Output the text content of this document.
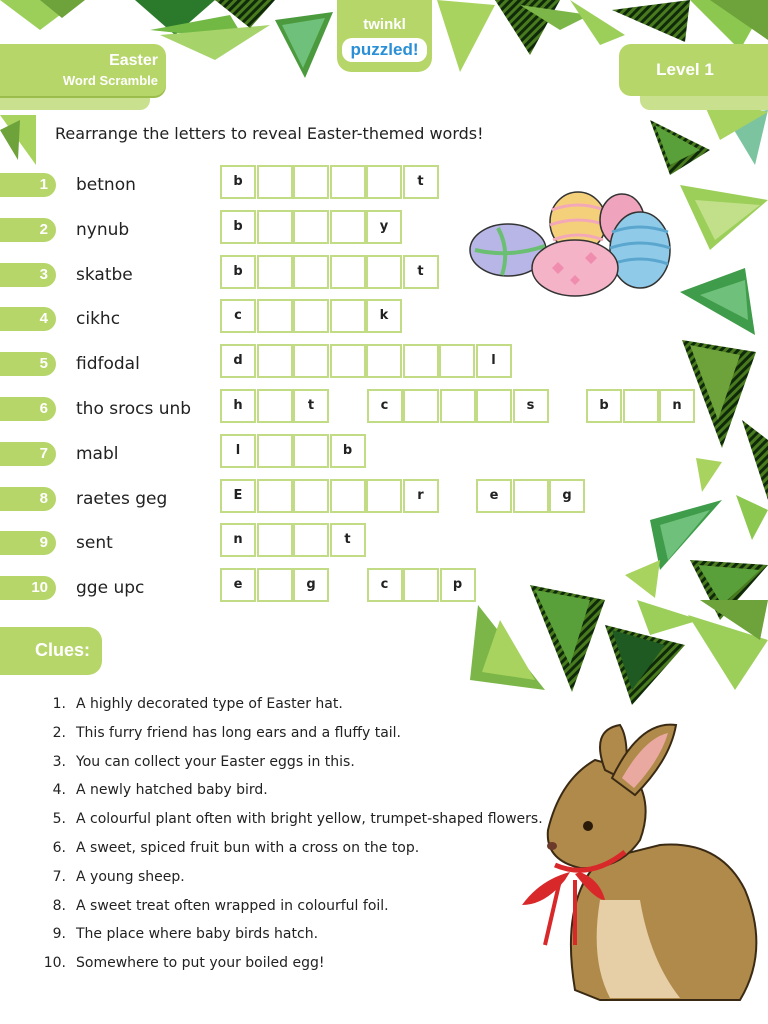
Easter
Word Scramble
twinkl
puzzled!
Level 1
Rearrange the letters to reveal Easter-themed words!
1	betnon	b	t
2	nynub	b	y
3	skatbe	b	t
4	cikhc	c	k
5	fidfodal	d	l
6	tho srocs unb	h	t	c	s	b	n
7	mabl	l	b
8	raetes geg	E	r	e	g
9	sent	n	t
10	gge upc	e	g	c	p
Clues:
1. A highly decorated type of Easter hat.
2. This furry friend has long ears and a fluffy tail.
3. You can collect your Easter eggs in this.
4. A newly hatched baby bird.
5. A colourful plant often with bright yellow, trumpet-shaped flowers.
6. A sweet, spiced fruit bun with a cross on the top.
7. A young sheep.
8. A sweet treat often wrapped in colourful foil.
9. The place where baby birds hatch.
10. Somewhere to put your boiled egg!
